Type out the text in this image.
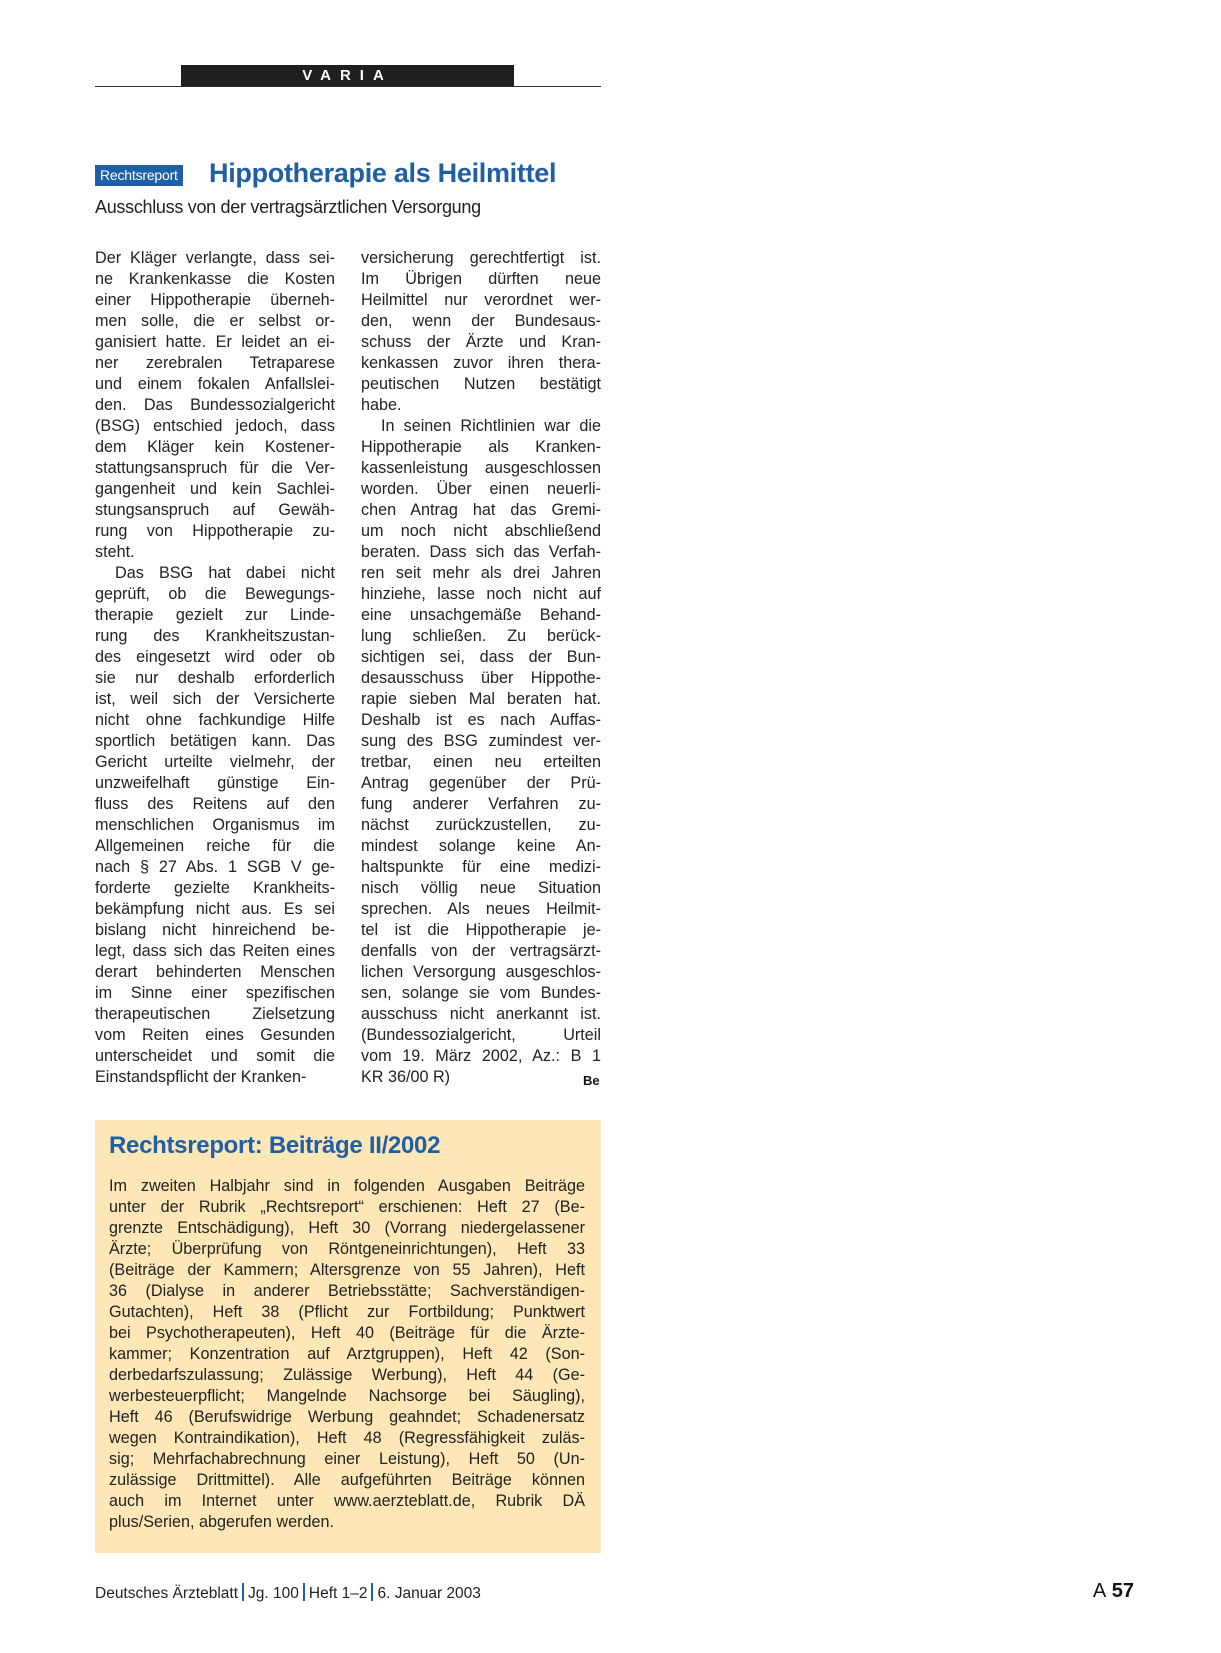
VARIA
Rechtsreport Hippotherapie als Heilmittel

Ausschluss von der vertragsärztlichen Versorgung

Der Kläger verlangte, dass sei-
ne Krankenkasse die Kosten
einer Hippotherapie überneh-
men solle, die er selbst or-
ganisiert hatte. Er leidet an ei-
ner zerebralen Tetraparese
und einem fokalen Anfallslei-
den. Das Bundessozialgericht
(BSG) entschied jedoch, dass
dem Kläger kein Kostener-
stattungsanspruch für die Ver-
gangenheit und kein Sachlei-
stungsanspruch auf Gewäh-
rung von Hippotherapie zu-
steht.
Das BSG hat dabei nicht
geprüft, ob die Bewegungs-
therapie gezielt zur Linde-
rung des Krankheitszustan-
des eingesetzt wird oder ob
sie nur deshalb erforderlich
ist, weil sich der Versicherte
nicht ohne fachkundige Hilfe
sportlich betätigen kann. Das
Gericht urteilte vielmehr, der
unzweifelhaft günstige Ein-
fluss des Reitens auf den
menschlichen Organismus im
Allgemeinen reiche für die
nach § 27 Abs. 1 SGB V ge-
forderte gezielte Krankheits-
bekämpfung nicht aus. Es sei
bislang nicht hinreichend be-
legt, dass sich das Reiten eines
derart behinderten Menschen
im Sinne einer spezifischen
therapeutischen Zielsetzung
vom Reiten eines Gesunden
unterscheidet und somit die
Einstandspflicht der Kranken-
versicherung gerechtfertigt ist.
Im Übrigen dürften neue
Heilmittel nur verordnet wer-
den, wenn der Bundesaus-
schuss der Ärzte und Kran-
kenkassen zuvor ihren thera-
peutischen Nutzen bestätigt
habe.
In seinen Richtlinien war die
Hippotherapie als Kranken-
kassenleistung ausgeschlossen
worden. Über einen neuerli-
chen Antrag hat das Gremi-
um noch nicht abschließend
beraten. Dass sich das Verfah-
ren seit mehr als drei Jahren
hinziehe, lasse noch nicht auf
eine unsachgemäße Behand-
lung schließen. Zu berück-
sichtigen sei, dass der Bun-
desausschuss über Hippothe-
rapie sieben Mal beraten hat.
Deshalb ist es nach Auffas-
sung des BSG zumindest ver-
tretbar, einen neu erteilten
Antrag gegenüber der Prü-
fung anderer Verfahren zu-
nächst zurückzustellen, zu-
mindest solange keine An-
haltspunkte für eine medizi-
nisch völlig neue Situation
sprechen. Als neues Heilmit-
tel ist die Hippotherapie je-
denfalls von der vertragsärzt-
lichen Versorgung ausgeschlos-
sen, solange sie vom Bundes-
ausschuss nicht anerkannt ist.
(Bundessozialgericht, Urteil
vom 19. März 2002, Az.: B 1
KR 36/00 R)	Be
Rechtsreport: Beiträge II/2002
Im zweiten Halbjahr sind in folgenden Ausgaben Beiträge
unter der Rubrik „Rechtsreport“ erschienen: Heft 27 (Be-
grenzte Entschädigung), Heft 30 (Vorrang niedergelassener
Ärzte; Überprüfung von Röntgeneinrichtungen), Heft 33
(Beiträge der Kammern; Altersgrenze von 55 Jahren), Heft
36 (Dialyse in anderer Betriebsstätte; Sachverständigen-
Gutachten), Heft 38 (Pflicht zur Fortbildung; Punktwert
bei Psychotherapeuten), Heft 40 (Beiträge für die Ärzte-
kammer; Konzentration auf Arztgruppen), Heft 42 (Son-
derbedarfszulassung; Zulässige Werbung), Heft 44 (Ge-
werbesteuerpflicht; Mangelnde Nachsorge bei Säugling),
Heft 46 (Berufswidrige Werbung geahndet; Schadenersatz
wegen Kontraindikation), Heft 48 (Regressfähigkeit zuläs-
sig; Mehrfachabrechnung einer Leistung), Heft 50 (Un-
zulässige Drittmittel). Alle aufgeführten Beiträge können
auch im Internet unter www.aerzteblatt.de, Rubrik DÄ
plus/Serien, abgerufen werden.
Deutsches Ärzteblatt Jg. 100 Heft 1–2 6. Januar 2003	A 57
